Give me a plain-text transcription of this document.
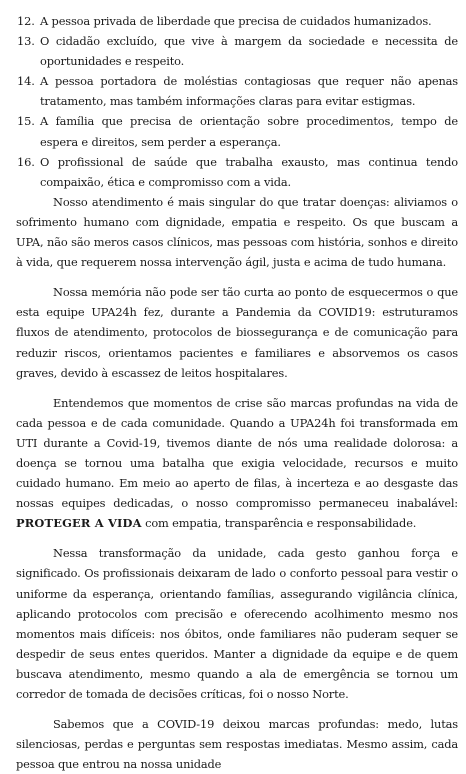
12. A pessoa privada de liberdade que precisa de cuidados humanizados.
13. O cidadão excluído, que vive à margem da sociedade e necessita de oportunidades e respeito.
14. A pessoa portadora de moléstias contagiosas que requer não apenas tratamento, mas também informações claras para evitar estigmas.
15. A família que precisa de orientação sobre procedimentos, tempo de espera e direitos, sem perder a esperança.
16. O profissional de saúde que trabalha exausto, mas continua tendo compaixão, ética e compromisso com a vida.

Nosso atendimento é mais singular do que tratar doenças: aliviamos o sofrimento humano com dignidade, empatia e respeito. Os que buscam a UPA, não são meros casos clínicos, mas pessoas com história, sonhos e direito à vida, que requerem nossa intervenção ágil, justa e acima de tudo humana.

Nossa memória não pode ser tão curta ao ponto de esquecermos o que esta equipe UPA24h fez, durante a Pandemia da COVID19: estruturamos fluxos de atendimento, protocolos de biossegurança e de comunicação para reduzir riscos, orientamos pacientes e familiares e absorvemos os casos graves, devido à escassez de leitos hospitalares.

Entendemos que momentos de crise são marcas profundas na vida de cada pessoa e de cada comunidade. Quando a UPA24h foi transformada em UTI durante a Covid-19, tivemos diante de nós uma realidade dolorosa: a doença se tornou uma batalha que exigia velocidade, recursos e muito cuidado humano. Em meio ao aperto de filas, à incerteza e ao desgaste das nossas equipes dedicadas, o nosso compromisso permaneceu inabalável: PROTEGER A VIDA com empatia, transparência e responsabilidade.

Nessa transformação da unidade, cada gesto ganhou força e significado. Os profissionais deixaram de lado o conforto pessoal para vestir o uniforme da esperança, orientando famílias, assegurando vigilância clínica, aplicando protocolos com precisão e oferecendo acolhimento mesmo nos momentos mais difíceis: nos óbitos, onde familiares não puderam sequer se despedir de seus entes queridos. Manter a dignidade da equipe e de quem buscava atendimento, mesmo quando a ala de emergência se tornou um corredor de tomada de decisões críticas, foi o nosso Norte.

Sabemos que a COVID-19 deixou marcas profundas: medo, lutas silenciosas, perdas e perguntas sem respostas imediatas. Mesmo assim, cada pessoa que entrou na nossa unidade
